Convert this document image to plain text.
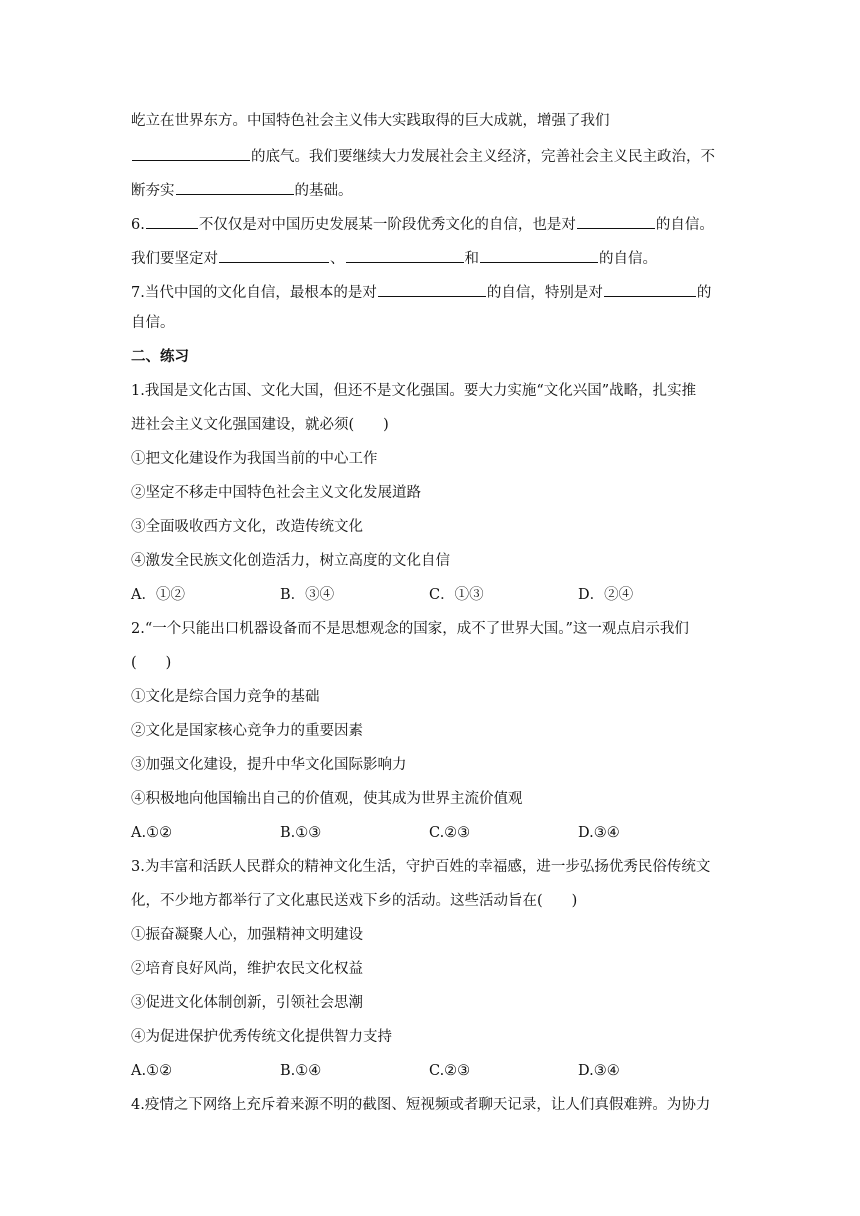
屹立在世界东方。中国特色社会主义伟大实践取得的巨大成就，增强了我们
的底气。我们要继续大力发展社会主义经济，完善社会主义民主政治，不
断夯实	的基础。
6.	不仅仅是对中国历史发展某一阶段优秀文化的自信，也是对	的自信。
我们要坚定对	、	和	的自信。
7.当代中国的文化自信，最根本的是对	的自信，特别是对	的
自信。
二、练习
1.我国是文化古国、文化大国，但还不是文化强国。要大力实施“文化兴国”战略，扎实推
进社会主义文化强国建设，就必须(　　)
①把文化建设作为我国当前的中心工作
②坚定不移走中国特色社会主义文化发展道路
③全面吸收西方文化，改造传统文化
④激发全民族文化创造活力，树立高度的文化自信
A．①②	B．③④	C．①③	D．②④
2.“一个只能出口机器设备而不是思想观念的国家，成不了世界大国。”这一观点启示我们
(　　)
①文化是综合国力竞争的基础
②文化是国家核心竞争力的重要因素
③加强文化建设，提升中华文化国际影响力
④积极地向他国输出自己的价值观，使其成为世界主流价值观
A.①②	B.①③	C.②③	D.③④
3.为丰富和活跃人民群众的精神文化生活，守护百姓的幸福感，进一步弘扬优秀民俗传统文
化，不少地方都举行了文化惠民送戏下乡的活动。这些活动旨在(　　)
①振奋凝聚人心，加强精神文明建设
②培育良好风尚，维护农民文化权益
③促进文化体制创新，引领社会思潮
④为促进保护优秀传统文化提供智力支持
A.①②	B.①④	C.②③	D.③④
4.疫情之下网络上充斥着来源不明的截图、短视频或者聊天记录，让人们真假难辨。为协力
